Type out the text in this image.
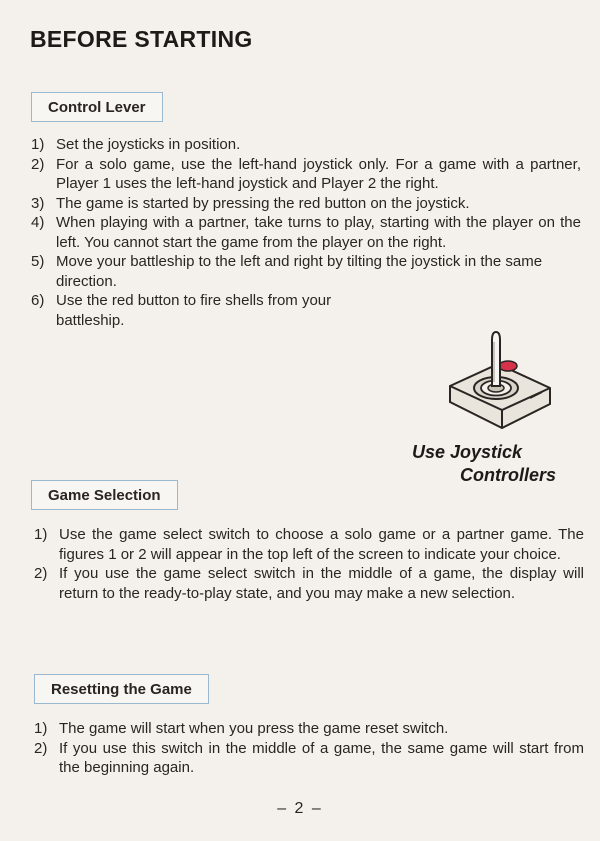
BEFORE STARTING
Control Lever
1) Set the joysticks in position.
2) For a solo game, use the left-hand joystick only. For a game with a partner, Player 1 uses the left-hand joystick and Player 2 the right.
3) The game is started by pressing the red button on the joystick.
4) When playing with a partner, take turns to play, starting with the player on the left. You cannot start the game from the player on the right.
5) Move your battleship to the left and right by tilting the joystick in the same direction.
6) Use the red button to fire shells from your battleship.
Use Joystick
Controllers
Game Selection
1) Use the game select switch to choose a solo game or a partner game. The figures 1 or 2 will appear in the top left of the screen to indicate your choice.
2) If you use the game select switch in the middle of a game, the display will return to the ready-to-play state, and you may make a new selection.
Resetting the Game
1) The game will start when you press the game reset switch.
2) If you use this switch in the middle of a game, the same game will start from the beginning again.
– 2 –
